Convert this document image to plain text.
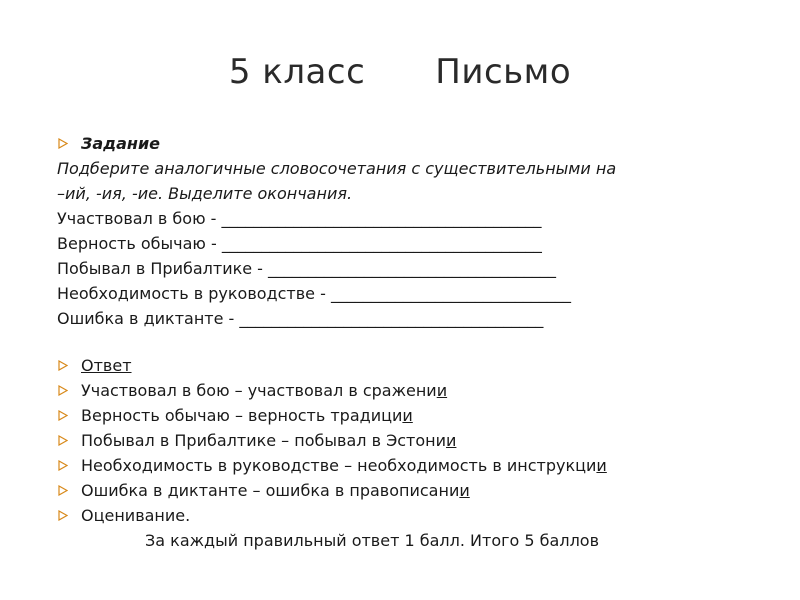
5 класс Письмо
Задание
Подберите аналогичные словосочетания с существительными на
–ий, -ия, -ие. Выделите окончания.
Участвовал в бою - ________________________________________
Верность обычаю - ________________________________________
Побывал в Прибалтике - ____________________________________
Необходимость в руководстве - ______________________________
Ошибка в диктанте - ______________________________________
Ответ
Участвовал в бою – участвовал в сражении
Верность обычаю – верность традиции
Побывал в Прибалтике – побывал в Эстонии
Необходимость в руководстве – необходимость в инструкции
Ошибка в диктанте – ошибка в правописании
Оценивание.
За каждый правильный ответ 1 балл. Итого 5 баллов
